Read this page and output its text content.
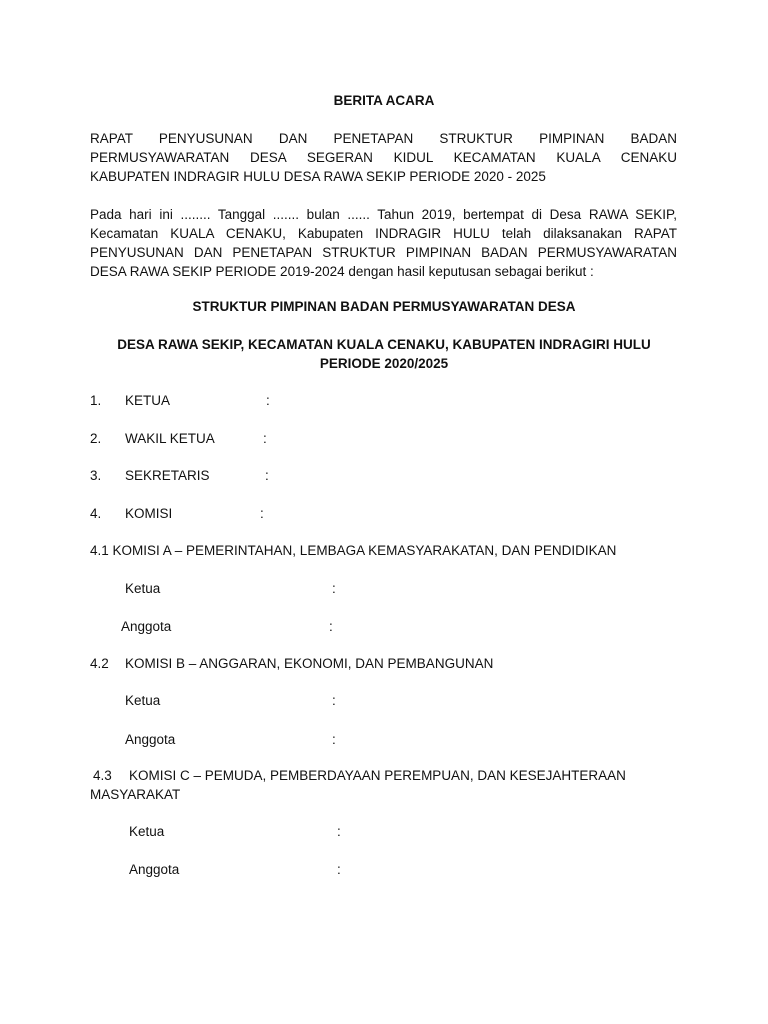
BERITA ACARA
RAPAT PENYUSUNAN DAN PENETAPAN STRUKTUR PIMPINAN BADAN
PERMUSYAWARATAN DESA SEGERAN KIDUL KECAMATAN KUALA CENAKU
KABUPATEN INDRAGIR HULU DESA RAWA SEKIP PERIODE 2020 - 2025
Pada hari ini ........ Tanggal ....... bulan ...... Tahun 2019, bertempat di Desa RAWA SEKIP,
Kecamatan KUALA CENAKU, Kabupaten INDRAGIR HULU telah dilaksanakan RAPAT
PENYUSUNAN DAN PENETAPAN STRUKTUR PIMPINAN BADAN PERMUSYAWARATAN
DESA RAWA SEKIP PERIODE 2019-2024 dengan hasil keputusan sebagai berikut :
STRUKTUR PIMPINAN BADAN PERMUSYAWARATAN DESA
DESA RAWA SEKIP, KECAMATAN KUALA CENAKU, KABUPATEN INDRAGIRI HULU
PERIODE 2020/2025
1. KETUA	:
2. WAKIL KETUA	:
3. SEKRETARIS	:
4. KOMISI	:
4.1 KOMISI A – PEMERINTAHAN, LEMBAGA KEMASYARAKATAN, DAN PENDIDIKAN
Ketua	:
Anggota	:
4.2 KOMISI B – ANGGARAN, EKONOMI, DAN PEMBANGUNAN
Ketua	:
Anggota	:
4.3 KOMISI C – PEMUDA, PEMBERDAYAAN PEREMPUAN, DAN KESEJAHTERAAN
MASYARAKAT
Ketua	:
Anggota	:
